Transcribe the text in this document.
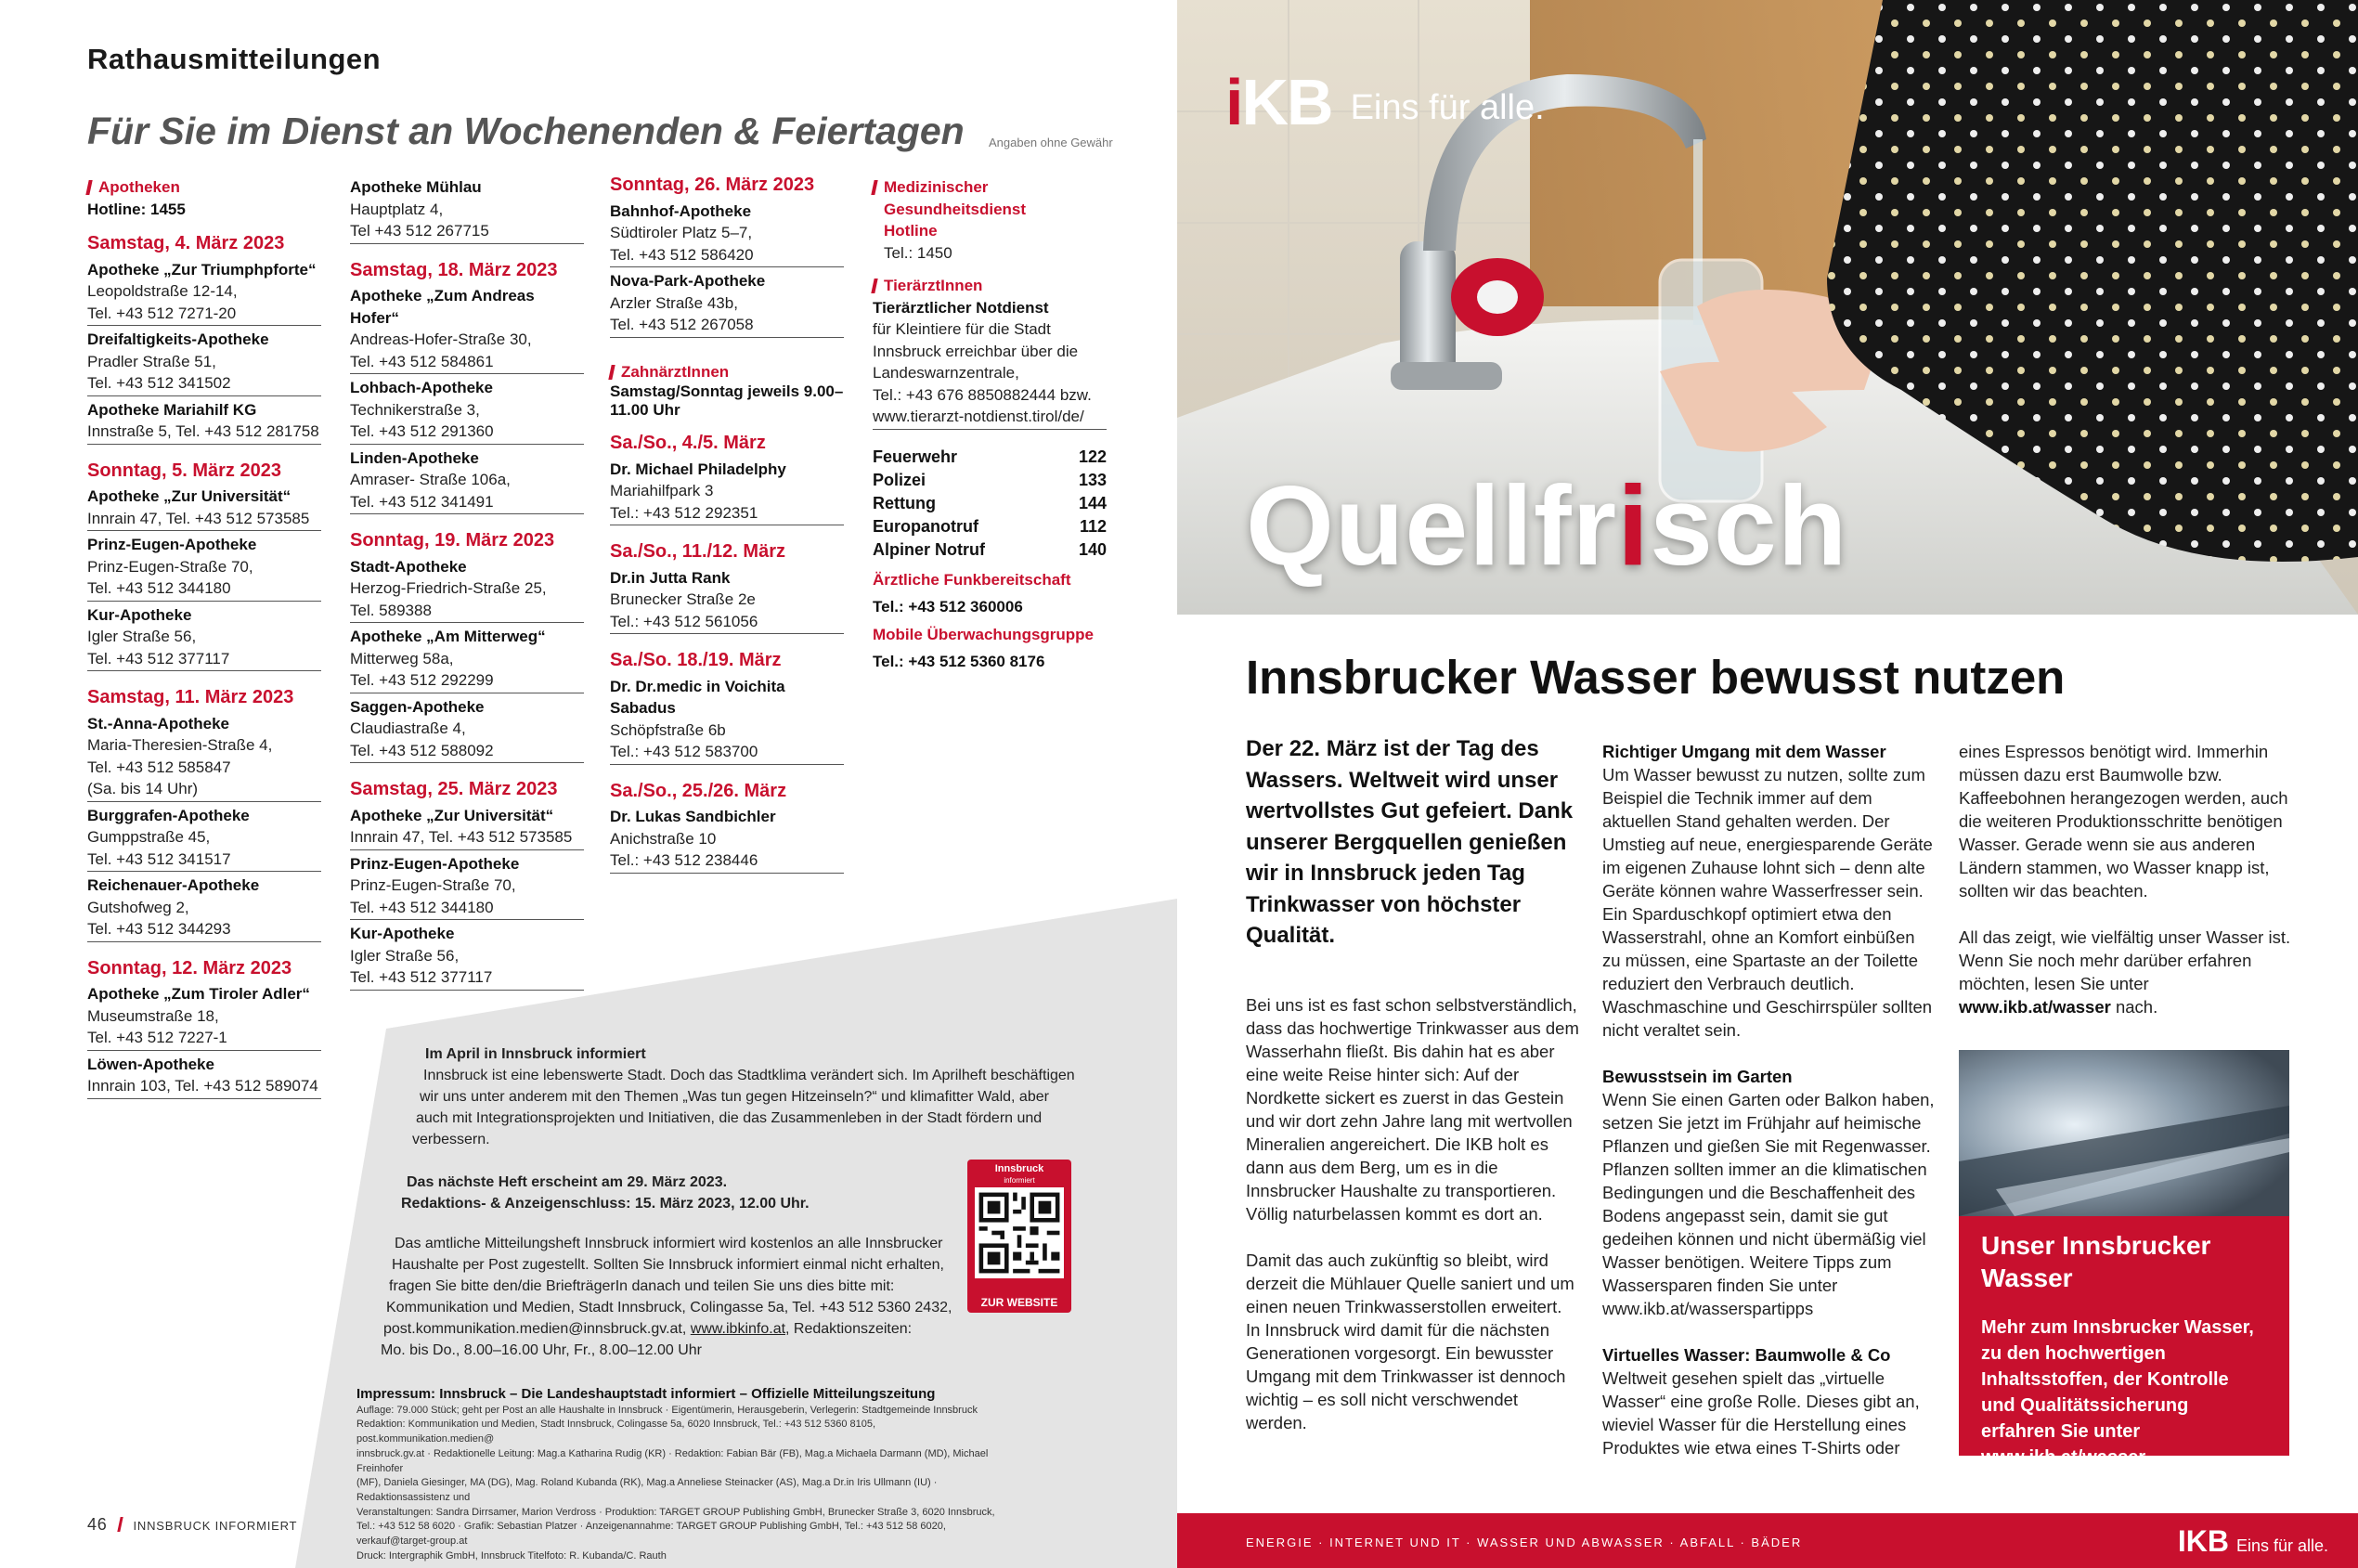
Rathausmitteilungen
Für Sie im Dienst an Wochenenden & Feiertagen Angaben ohne Gewähr
Apotheken
Hotline: 1455
Samstag, 4. März 2023
Apotheke „Zur Triumphpforte“
Leopoldstraße 12-14,
Tel. +43 512 7271-20
Dreifaltigkeits-Apotheke
Pradler Straße 51,
Tel. +43 512 341502
Apotheke Mariahilf KG
Innstraße 5, Tel. +43 512 281758
Sonntag, 5. März 2023
Apotheke „Zur Universität“
Innrain 47, Tel. +43 512 573585
Prinz-Eugen-Apotheke
Prinz-Eugen-Straße 70,
Tel. +43 512 344180
Kur-Apotheke
Igler Straße 56,
Tel. +43 512 377117
Samstag, 11. März 2023
St.-Anna-Apotheke
Maria-Theresien-Straße 4,
Tel. +43 512 585847
(Sa. bis 14 Uhr)
Burggrafen-Apotheke
Gumppstraße 45,
Tel. +43 512 341517
Reichenauer-Apotheke
Gutshofweg 2,
Tel. +43 512 344293
Sonntag, 12. März 2023
Apotheke „Zum Tiroler Adler“
Museumstraße 18,
Tel. +43 512 7227-1
Löwen-Apotheke
Innrain 103, Tel. +43 512 589074
Apotheke Mühlau
Hauptplatz 4,
Tel +43 512 267715
Samstag, 18. März 2023
Apotheke „Zum Andreas Hofer“
Andreas-Hofer-Straße 30,
Tel. +43 512 584861
Lohbach-Apotheke
Technikerstraße 3,
Tel. +43 512 291360
Linden-Apotheke
Amraser- Straße 106a,
Tel. +43 512 341491
Sonntag, 19. März 2023
Stadt-Apotheke
Herzog-Friedrich-Straße 25,
Tel. 589388
Apotheke „Am Mitterweg“
Mitterweg 58a,
Tel. +43 512 292299
Saggen-Apotheke
Claudiastraße 4,
Tel. +43 512 588092
Samstag, 25. März 2023
Apotheke „Zur Universität“
Innrain 47, Tel. +43 512 573585
Prinz-Eugen-Apotheke
Prinz-Eugen-Straße 70,
Tel. +43 512 344180
Kur-Apotheke
Igler Straße 56,
Tel. +43 512 377117
Sonntag, 26. März 2023
Bahnhof-Apotheke
Südtiroler Platz 5–7,
Tel. +43 512 586420
Nova-Park-Apotheke
Arzler Straße 43b,
Tel. +43 512 267058
ZahnärztInnen
Samstag/Sonntag jeweils 9.00–11.00 Uhr
Sa./So., 4./5. März
Dr. Michael Philadelphy
Mariahilfpark 3
Tel.: +43 512 292351
Sa./So., 11./12. März
Dr.in Jutta Rank
Brunecker Straße 2e
Tel.: +43 512 561056
Sa./So. 18./19. März
Dr. Dr.medic in Voichita Sabadus
Schöpfstraße 6b
Tel.: +43 512 583700
Sa./So., 25./26. März
Dr. Lukas Sandbichler
Anichstraße 10
Tel.: +43 512 238446
Medizinischer Gesundheitsdienst Hotline
Tel.: 1450
TierärztInnen
Tierärztlicher Notdienst
für Kleintiere für die Stadt Innsbruck erreichbar über die Landeswarnzentrale,
Tel.: +43 676 8850882444 bzw.
www.tierarzt-notdienst.tirol/de/
Feuerwehr	122
Polizei	133
Rettung	144
Europanotruf	112
Alpiner Notruf	140
Ärztliche Funkbereitschaft
Tel.: +43 512 360006
Mobile Überwachungsgruppe
Tel.: +43 512 5360 8176
Im April in Innsbruck informiert
Innsbruck ist eine lebenswerte Stadt. Doch das Stadtklima verändert sich. Im Aprilheft beschäftigen
wir uns unter anderem mit den Themen „Was tun gegen Hitzeinseln?“ und klimafitter Wald, aber
auch mit Integrationsprojekten und Initiativen, die das Zusammenleben in der Stadt fördern und
verbessern.
Das nächste Heft erscheint am 29. März 2023.
Redaktions- & Anzeigenschluss: 15. März 2023, 12.00 Uhr.
Das amtliche Mitteilungsheft Innsbruck informiert wird kostenlos an alle Innsbrucker
Haushalte per Post zugestellt. Sollten Sie Innsbruck informiert einmal nicht erhalten,
fragen Sie bitte den/die BriefträgerIn danach und teilen Sie uns dies bitte mit:
Kommunikation und Medien, Stadt Innsbruck, Colingasse 5a, Tel. +43 512 5360 2432,
post.kommunikation.medien@innsbruck.gv.at, www.ibkinfo.at, Redaktionszeiten:
Mo. bis Do., 8.00–16.00 Uhr, Fr., 8.00–12.00 Uhr
Innsbruck
informiert
ZUR WEBSITE
Impressum: Innsbruck – Die Landeshauptstadt informiert – Offizielle Mitteilungszeitung
Auflage: 79.000 Stück; geht per Post an alle Haushalte in Innsbruck · Eigentümerin, Herausgeberin, Verlegerin: Stadtgemeinde Innsbruck
Redaktion: Kommunikation und Medien, Stadt Innsbruck, Colingasse 5a, 6020 Innsbruck, Tel.: +43 512 5360 8105, post.kommunikation.medien@
innsbruck.gv.at · Redaktionelle Leitung: Mag.a Katharina Rudig (KR) · Redaktion: Fabian Bär (FB), Mag.a Michaela Darmann (MD), Michael Freinhofer
(MF), Daniela Giesinger, MA (DG), Mag. Roland Kubanda (RK), Mag.a Anneliese Steinacker (AS), Mag.a Dr.in Iris Ullmann (IU) · Redaktionsassistenz und
Veranstaltungen: Sandra Dirrsamer, Marion Verdross · Produktion: TARGET GROUP Publishing GmbH, Brunecker Straße 3, 6020 Innsbruck,
Tel.: +43 512 58 6020 · Grafik: Sebastian Platzer · Anzeigenannahme: TARGET GROUP Publishing GmbH, Tel.: +43 512 58 6020, verkauf@target-group.at
Druck: Intergraphik GmbH, Innsbruck Titelfoto: R. Kubanda/C. Rauth
46 INNSBRUCK INFORMIERT
iKB Eins für alle.
Quellfrisch
Innsbrucker Wasser bewusst nutzen
Der 22. März ist der Tag des Wassers. Weltweit wird unser wertvollstes Gut gefeiert. Dank unserer Bergquellen genießen wir in Innsbruck jeden Tag Trinkwasser von höchster Qualität.
Bei uns ist es fast schon selbstverständlich, dass das hochwertige Trinkwasser aus dem Wasserhahn fließt. Bis dahin hat es aber eine weite Reise hinter sich: Auf der Nordkette sickert es zuerst in das Gestein und wir dort zehn Jahre lang mit wertvollen Mineralien angereichert. Die IKB holt es dann aus dem Berg, um es in die Innsbrucker Haushalte zu transportieren. Völlig naturbelassen kommt es dort an.
Damit das auch zukünftig so bleibt, wird derzeit die Mühlauer Quelle saniert und um einen neuen Trinkwasserstollen erweitert. In Innsbruck wird damit für die nächsten Generationen vorgesorgt. Ein bewusster Umgang mit dem Trinkwasser ist dennoch wichtig – es soll nicht verschwendet werden.
Richtiger Umgang mit dem Wasser
Um Wasser bewusst zu nutzen, sollte zum Beispiel die Technik immer auf dem aktuellen Stand gehalten werden. Der Umstieg auf neue, energiesparende Geräte im eigenen Zuhause lohnt sich – denn alte Geräte können wahre Wasserfresser sein. Ein Sparduschkopf optimiert etwa den Wasserstrahl, ohne an Komfort einbüßen zu müssen, eine Spartaste an der Toilette reduziert den Verbrauch deutlich. Waschmaschine und Geschirrspüler sollten nicht veraltet sein.
Bewusstsein im Garten
Wenn Sie einen Garten oder Balkon haben, setzen Sie jetzt im Frühjahr auf heimische Pflanzen und gießen Sie mit Regenwasser. Pflanzen sollten immer an die klimatischen Bedingungen und die Beschaffenheit des Bodens angepasst sein, damit sie gut gedeihen können und nicht übermäßig viel Wasser benötigen. Weitere Tipps zum Wassersparen finden Sie unter www.ikb.at/wasserspartipps
Virtuelles Wasser: Baumwolle & Co
Weltweit gesehen spielt das „virtuelle Wasser“ eine große Rolle. Dieses gibt an, wieviel Wasser für die Herstellung eines Produktes wie etwa eines T-Shirts oder
eines Espressos benötigt wird. Immerhin müssen dazu erst Baumwolle bzw. Kaffeebohnen herangezogen werden, auch die weiteren Produktionsschritte benötigen Wasser. Gerade wenn sie aus anderen Ländern stammen, wo Wasser knapp ist, sollten wir das beachten.
All das zeigt, wie vielfältig unser Wasser ist. Wenn Sie noch mehr darüber erfahren möchten, lesen Sie unter www.ikb.at/wasser nach.
Unser Innsbrucker Wasser
Mehr zum Innsbrucker Wasser, zu den hochwertigen Inhaltsstoffen, der Kontrolle und Qualitätssicherung erfahren Sie unter www.ikb.at/wasser
ENERGIE · INTERNET UND IT · WASSER UND ABWASSER · ABFALL · BÄDER	IKB Eins für alle.
